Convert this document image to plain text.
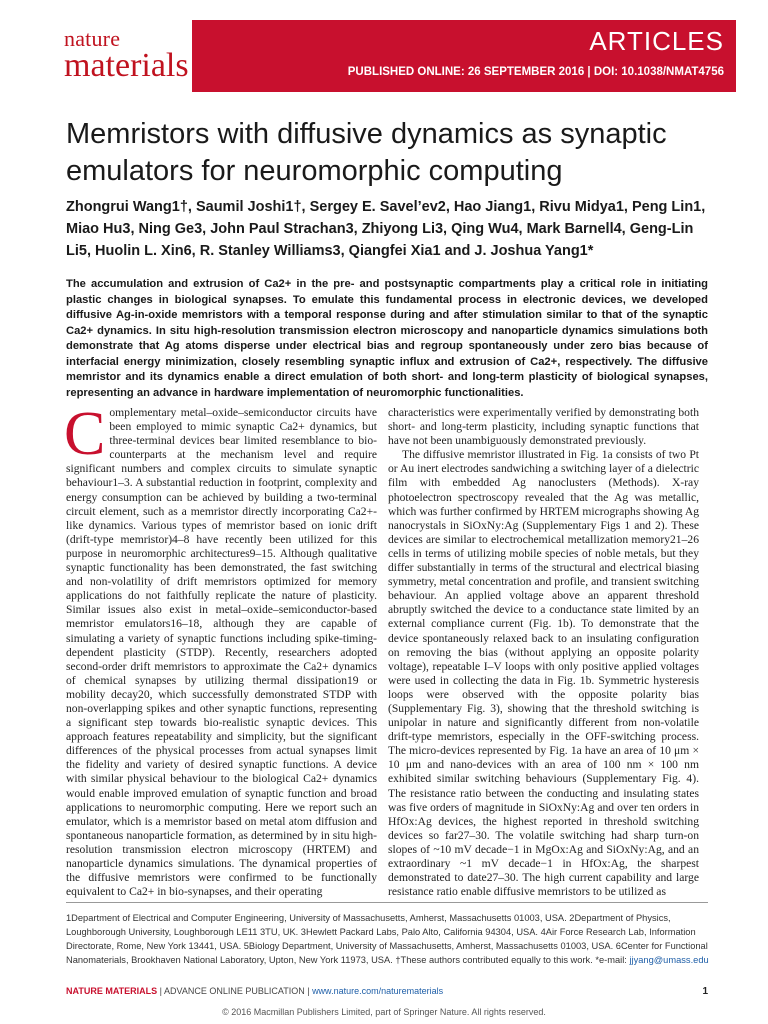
nature
materials
ARTICLES
PUBLISHED ONLINE: 26 SEPTEMBER 2016 | DOI: 10.1038/NMAT4756
Memristors with diffusive dynamics as synaptic emulators for neuromorphic computing
Zhongrui Wang1†, Saumil Joshi1†, Sergey E. Savel’ev2, Hao Jiang1, Rivu Midya1, Peng Lin1, Miao Hu3, Ning Ge3, John Paul Strachan3, Zhiyong Li3, Qing Wu4, Mark Barnell4, Geng-Lin Li5, Huolin L. Xin6, R. Stanley Williams3, Qiangfei Xia1 and J. Joshua Yang1*
The accumulation and extrusion of Ca2+ in the pre- and postsynaptic compartments play a critical role in initiating plastic changes in biological synapses. To emulate this fundamental process in electronic devices, we developed diffusive Ag-in-oxide memristors with a temporal response during and after stimulation similar to that of the synaptic Ca2+ dynamics. In situ high-resolution transmission electron microscopy and nanoparticle dynamics simulations both demonstrate that Ag atoms disperse under electrical bias and regroup spontaneously under zero bias because of interfacial energy minimization, closely resembling synaptic influx and extrusion of Ca2+, respectively. The diffusive memristor and its dynamics enable a direct emulation of both short- and long-term plasticity of biological synapses, representing an advance in hardware implementation of neuromorphic functionalities.
C omplementary metal–oxide–semiconductor circuits have been employed to mimic synaptic Ca2+ dynamics, but three-terminal devices bear limited resemblance to bio-counterparts at the mechanism level and require significant numbers and complex circuits to simulate synaptic behaviour1–3. A substantial reduction in footprint, complexity and energy consumption can be achieved by building a two-terminal circuit element, such as a memristor directly incorporating Ca2+-like dynamics. Various types of memristor based on ionic drift (drift-type memristor)4–8 have recently been utilized for this purpose in neuromorphic architectures9–15. Although qualitative synaptic functionality has been demonstrated, the fast switching and non-volatility of drift memristors optimized for memory applications do not faithfully replicate the nature of plasticity. Similar issues also exist in metal–oxide–semiconductor-based memristor emulators16–18, although they are capable of simulating a variety of synaptic functions including spike-timing-dependent plasticity (STDP). Recently, researchers adopted second-order drift memristors to approximate the Ca2+ dynamics of chemical synapses by utilizing thermal dissipation19 or mobility decay20, which successfully demonstrated STDP with non-overlapping spikes and other synaptic functions, representing a significant step towards bio-realistic synaptic devices. This approach features repeatability and simplicity, but the significant differences of the physical processes from actual synapses limit the fidelity and variety of desired synaptic functions. A device with similar physical behaviour to the biological Ca2+ dynamics would enable improved emulation of synaptic function and broad applications to neuromorphic computing. Here we report such an emulator, which is a memristor based on metal atom diffusion and spontaneous nanoparticle formation, as determined by in situ high-resolution transmission electron microscopy (HRTEM) and nanoparticle dynamics simulations. The dynamical properties of the diffusive memristors were confirmed to be functionally equivalent to Ca2+ in bio-synapses, and their operating
characteristics were experimentally verified by demonstrating both short- and long-term plasticity, including synaptic functions that have not been unambiguously demonstrated previously.
The diffusive memristor illustrated in Fig. 1a consists of two Pt or Au inert electrodes sandwiching a switching layer of a dielectric film with embedded Ag nanoclusters (Methods). X-ray photoelectron spectroscopy revealed that the Ag was metallic, which was further confirmed by HRTEM micrographs showing Ag nanocrystals in SiOxNy:Ag (Supplementary Figs 1 and 2). These devices are similar to electrochemical metallization memory21–26 cells in terms of utilizing mobile species of noble metals, but they differ substantially in terms of the structural and electrical biasing symmetry, metal concentration and profile, and transient switching behaviour. An applied voltage above an apparent threshold abruptly switched the device to a conductance state limited by an external compliance current (Fig. 1b). To demonstrate that the device spontaneously relaxed back to an insulating configuration on removing the bias (without applying an opposite polarity voltage), repeatable I–V loops with only positive applied voltages were used in collecting the data in Fig. 1b. Symmetric hysteresis loops were observed with the opposite polarity bias (Supplementary Fig. 3), showing that the threshold switching is unipolar in nature and significantly different from non-volatile drift-type memristors, especially in the OFF-switching process. The micro-devices represented by Fig. 1a have an area of 10 μm × 10 μm and nano-devices with an area of 100 nm × 100 nm exhibited similar switching behaviours (Supplementary Fig. 4). The resistance ratio between the conducting and insulating states was five orders of magnitude in SiOxNy:Ag and over ten orders in HfOx:Ag devices, the highest reported in threshold switching devices so far27–30. The volatile switching had sharp turn-on slopes of ~10 mV decade−1 in MgOx:Ag and SiOxNy:Ag, and an extraordinary ~1 mV decade−1 in HfOx:Ag, the sharpest demonstrated to date27–30. The high current capability and large resistance ratio enable diffusive memristors to be utilized as
1Department of Electrical and Computer Engineering, University of Massachusetts, Amherst, Massachusetts 01003, USA. 2Department of Physics, Loughborough University, Loughborough LE11 3TU, UK. 3Hewlett Packard Labs, Palo Alto, California 94304, USA. 4Air Force Research Lab, Information Directorate, Rome, New York 13441, USA. 5Biology Department, University of Massachusetts, Amherst, Massachusetts 01003, USA. 6Center for Functional Nanomaterials, Brookhaven National Laboratory, Upton, New York 11973, USA. †These authors contributed equally to this work. *e-mail: jjyang@umass.edu
NATURE MATERIALS | ADVANCE ONLINE PUBLICATION | www.nature.com/naturematerials	1
© 2016 Macmillan Publishers Limited, part of Springer Nature. All rights reserved.
